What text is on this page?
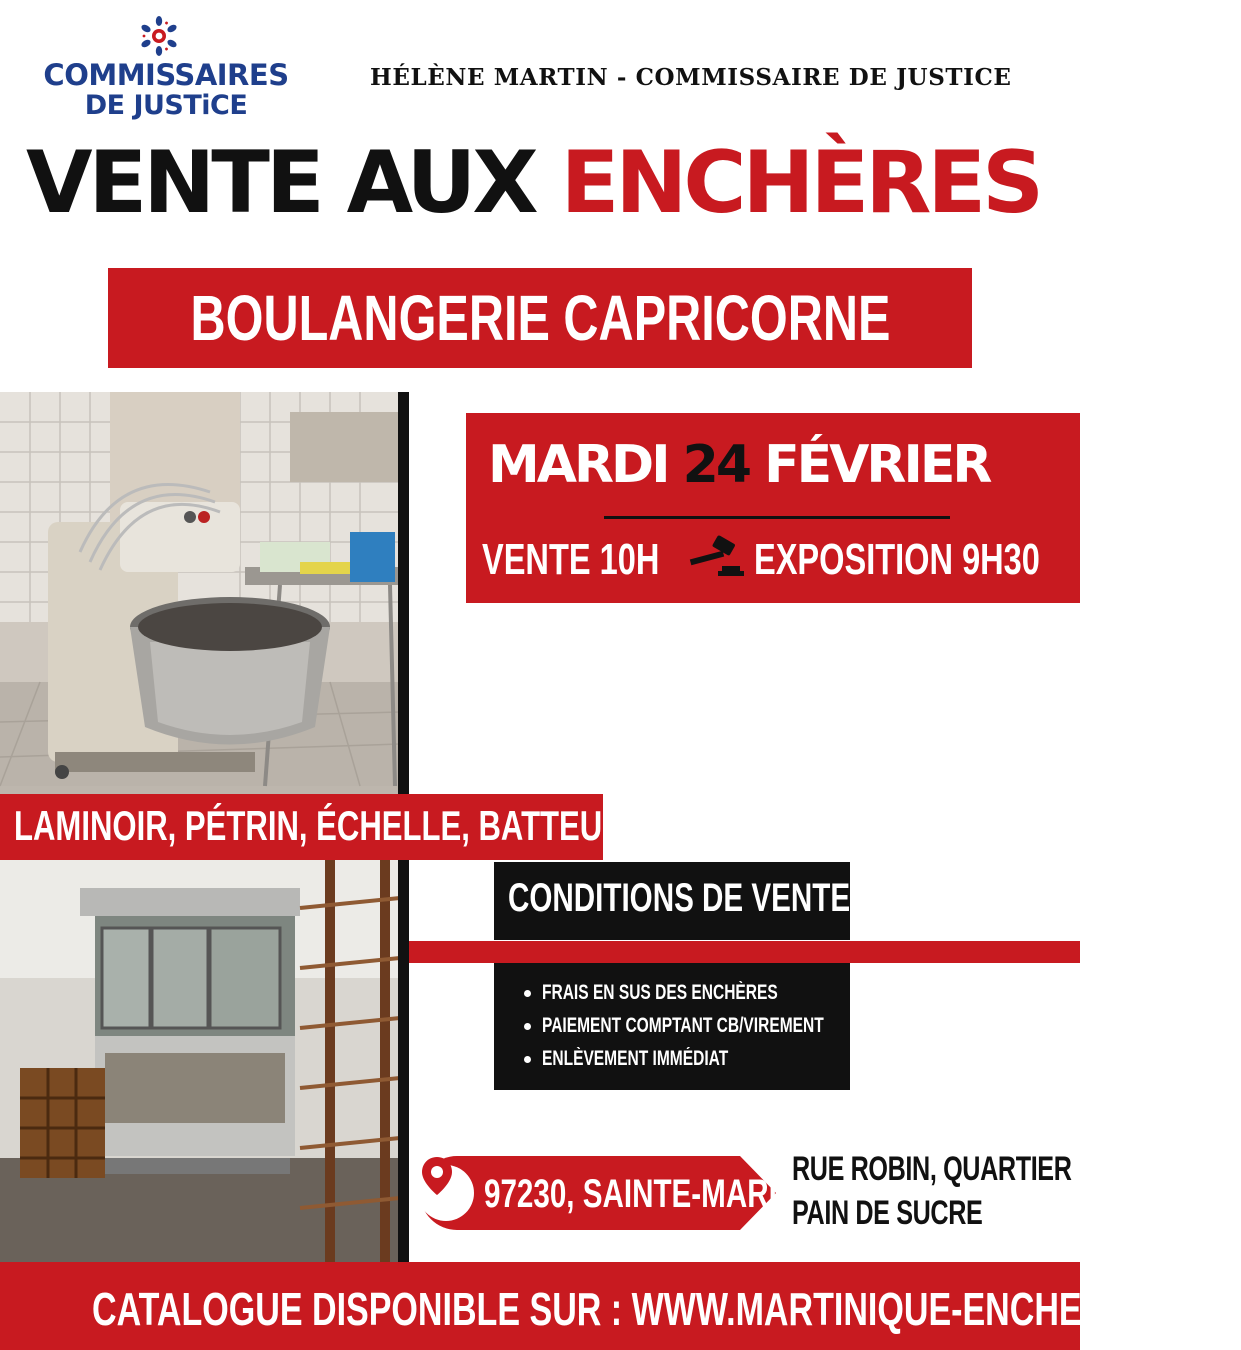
COMMISSAIRES
DE JUSTiCE
HÉLÈNE MARTIN - COMMISSAIRE DE JUSTICE
VENTE AUX ENCHÈRES
BOULANGERIE CAPRICORNE
MARDI 24 FÉVRIER
VENTE 10H EXPOSITION 9H30
LAMINOIR, PÉTRIN, ÉCHELLE, BATTEUR...
CONDITIONS DE VENTE :
FRAIS EN SUS DES ENCHÈRES
PAIEMENT COMPTANT CB/VIREMENT
ENLÈVEMENT IMMÉDIAT
97230, SAINTE-MARIE
RUE ROBIN, QUARTIER
PAIN DE SUCRE
CATALOGUE DISPONIBLE SUR : WWW.MARTINIQUE-ENCHERES.COM
